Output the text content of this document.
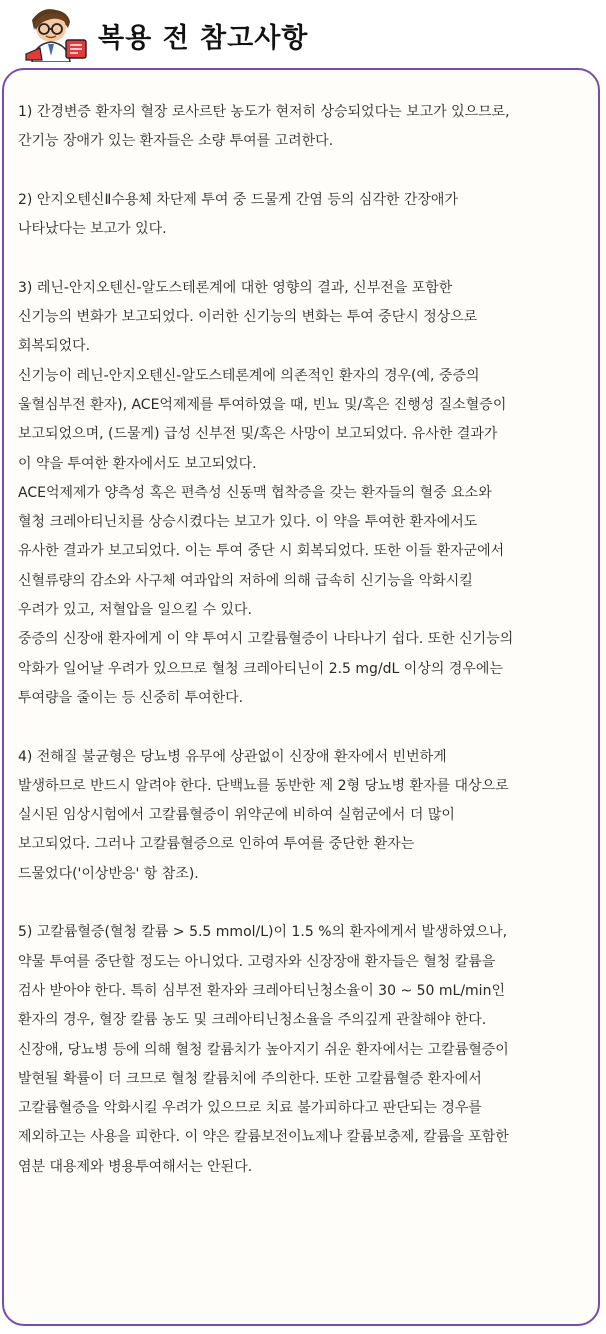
복용 전 참고사항
1) 간경변증 환자의 혈장 로사르탄 농도가 현저히 상승되었다는 보고가 있으므로,
간기능 장애가 있는 환자들은 소량 투여를 고려한다.
2) 안지오텐신Ⅱ수용체 차단제 투여 중 드물게 간염 등의 심각한 간장애가
나타났다는 보고가 있다.
3) 레닌-안지오텐신-알도스테론계에 대한 영향의 결과, 신부전을 포함한
신기능의 변화가 보고되었다. 이러한 신기능의 변화는 투여 중단시 정상으로
회복되었다.
신기능이 레닌-안지오텐신-알도스테론계에 의존적인 환자의 경우(예, 중증의
울혈심부전 환자), ACE억제제를 투여하였을 때, 빈뇨 및/혹은 진행성 질소혈증이
보고되었으며, (드물게) 급성 신부전 및/혹은 사망이 보고되었다. 유사한 결과가
이 약을 투여한 환자에서도 보고되었다.
ACE억제제가 양측성 혹은 편측성 신동맥 협착증을 갖는 환자들의 혈중 요소와
혈청 크레아티닌치를 상승시켰다는 보고가 있다. 이 약을 투여한 환자에서도
유사한 결과가 보고되었다. 이는 투여 중단 시 회복되었다. 또한 이들 환자군에서
신혈류량의 감소와 사구체 여과압의 저하에 의해 급속히 신기능을 악화시킬
우려가 있고, 저혈압을 일으킬 수 있다.
중증의 신장애 환자에게 이 약 투여시 고칼륨혈증이 나타나기 쉽다. 또한 신기능의
악화가 일어날 우려가 있으므로 혈청 크레아티닌이 2.5 mg/dL 이상의 경우에는
투여량을 줄이는 등 신중히 투여한다.
4) 전해질 불균형은 당뇨병 유무에 상관없이 신장애 환자에서 빈번하게
발생하므로 반드시 알려야 한다. 단백뇨를 동반한 제 2형 당뇨병 환자를 대상으로
실시된 임상시험에서 고칼륨혈증이 위약군에 비하여 실험군에서 더 많이
보고되었다. 그러나 고칼륨혈증으로 인하여 투여를 중단한 환자는
드물었다('이상반응' 항 참조).
5) 고칼륨혈증(혈청 칼륨 > 5.5 mmol/L)이 1.5 %의 환자에게서 발생하였으나,
약물 투여를 중단할 정도는 아니었다. 고령자와 신장장애 환자들은 혈청 칼륨을
검사 받아야 한다. 특히 심부전 환자와 크레아티닌청소율이 30 ~ 50 mL/min인
환자의 경우, 혈장 칼륨 농도 및 크레아티닌청소율을 주의깊게 관찰해야 한다.
신장애, 당뇨병 등에 의해 혈청 칼륨치가 높아지기 쉬운 환자에서는 고칼륨혈증이
발현될 확률이 더 크므로 혈청 칼륨치에 주의한다. 또한 고칼륨혈증 환자에서
고칼륨혈증을 악화시킬 우려가 있으므로 치료 불가피하다고 판단되는 경우를
제외하고는 사용을 피한다. 이 약은 칼륨보전이뇨제나 칼륨보충제, 칼륨을 포함한
염분 대용제와 병용투여해서는 안된다.
